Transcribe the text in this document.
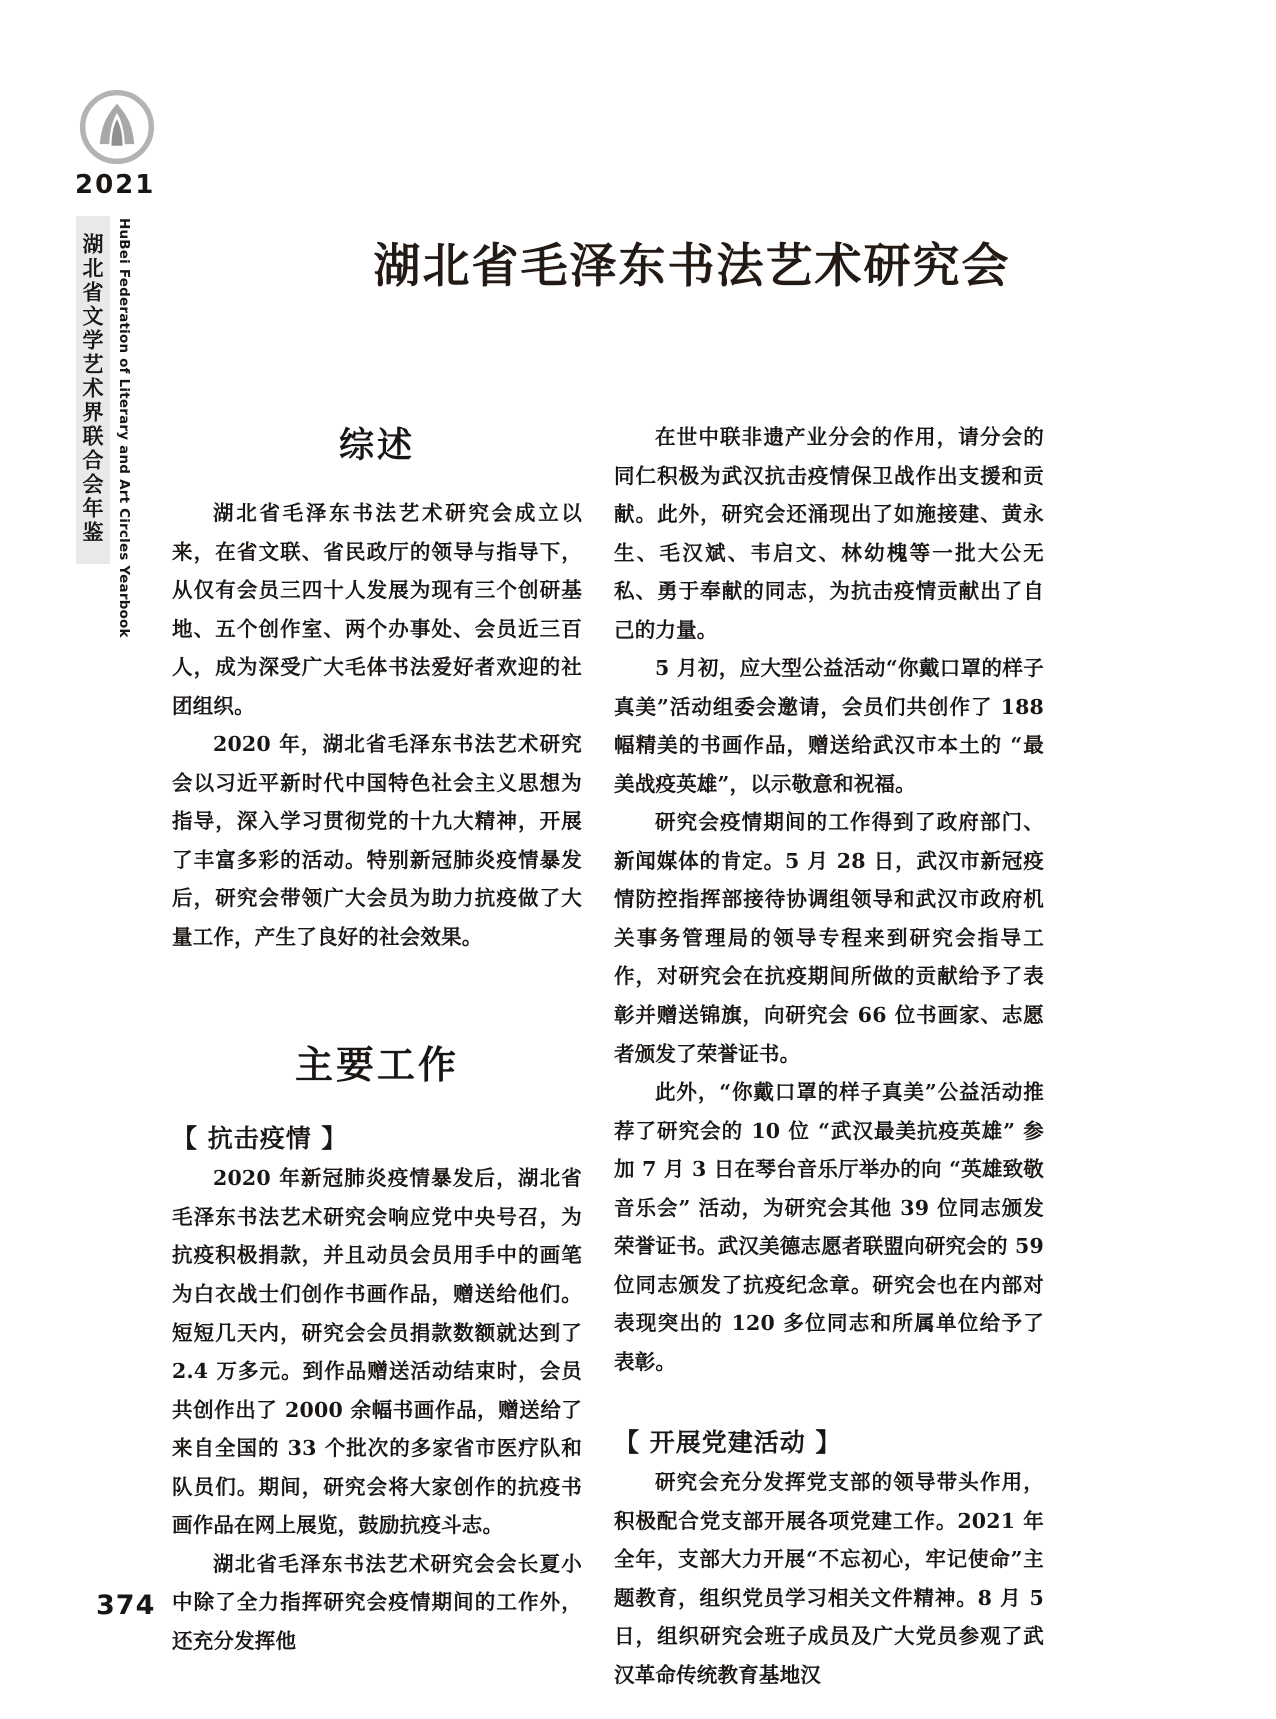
2021
湖北省文学艺术界联合会年鉴 HuBei Federation of Literary and Art Circles Yearbook	湖北省毛泽东书法艺术研究会
综述

湖北省毛泽东书法艺术研究会成立以来，在省文联、省民政厅的领导与指导下，从仅有会员三四十人发展为现有三个创研基地、五个创作室、两个办事处、会员近三百人，成为深受广大毛体书法爱好者欢迎的社团组织。

2020 年，湖北省毛泽东书法艺术研究会以习近平新时代中国特色社会主义思想为指导，深入学习贯彻党的十九大精神，开展了丰富多彩的活动。特别新冠肺炎疫情暴发后，研究会带领广大会员为助力抗疫做了大量工作，产生了良好的社会效果。

主要工作
【 抗击疫情 】

2020 年新冠肺炎疫情暴发后，湖北省毛泽东书法艺术研究会响应党中央号召，为抗疫积极捐款，并且动员会员用手中的画笔为白衣战士们创作书画作品，赠送给他们。短短几天内，研究会会员捐款数额就达到了 2.4 万多元。到作品赠送活动结束时，会员共创作出了 2000 余幅书画作品，赠送给了来自全国的 33 个批次的多家省市医疗队和队员们。期间，研究会将大家创作的抗疫书画作品在网上展览，鼓励抗疫斗志。

湖北省毛泽东书法艺术研究会会长夏小中除了全力指挥研究会疫情期间的工作外，还充分发挥他

在世中联非遗产业分会的作用，请分会的同仁积极为武汉抗击疫情保卫战作出支援和贡献。此外，研究会还涌现出了如施接建、黄永生、毛汉斌、韦启文、林幼槐等一批大公无私、勇于奉献的同志，为抗击疫情贡献出了自己的力量。

5 月初，应大型公益活动“你戴口罩的样子真美”活动组委会邀请，会员们共创作了 188 幅精美的书画作品，赠送给武汉市本土的 “最美战疫英雄”，以示敬意和祝福。

研究会疫情期间的工作得到了政府部门、新闻媒体的肯定。5 月 28 日，武汉市新冠疫情防控指挥部接待协调组领导和武汉市政府机关事务管理局的领导专程来到研究会指导工作，对研究会在抗疫期间所做的贡献给予了表彰并赠送锦旗，向研究会 66 位书画家、志愿者颁发了荣誉证书。

此外，“你戴口罩的样子真美”公益活动推荐了研究会的 10 位 “武汉最美抗疫英雄” 参加 7 月 3 日在琴台音乐厅举办的向 “英雄致敬音乐会” 活动，为研究会其他 39 位同志颁发荣誉证书。武汉美德志愿者联盟向研究会的 59 位同志颁发了抗疫纪念章。研究会也在内部对表现突出的 120 多位同志和所属单位给予了表彰。

【 开展党建活动 】

研究会充分发挥党支部的领导带头作用，积极配合党支部开展各项党建工作。2021 年全年，支部大力开展“不忘初心，牢记使命”主题教育，组织党员学习相关文件精神。8 月 5 日，组织研究会班子成员及广大党员参观了武汉革命传统教育基地汉

374
